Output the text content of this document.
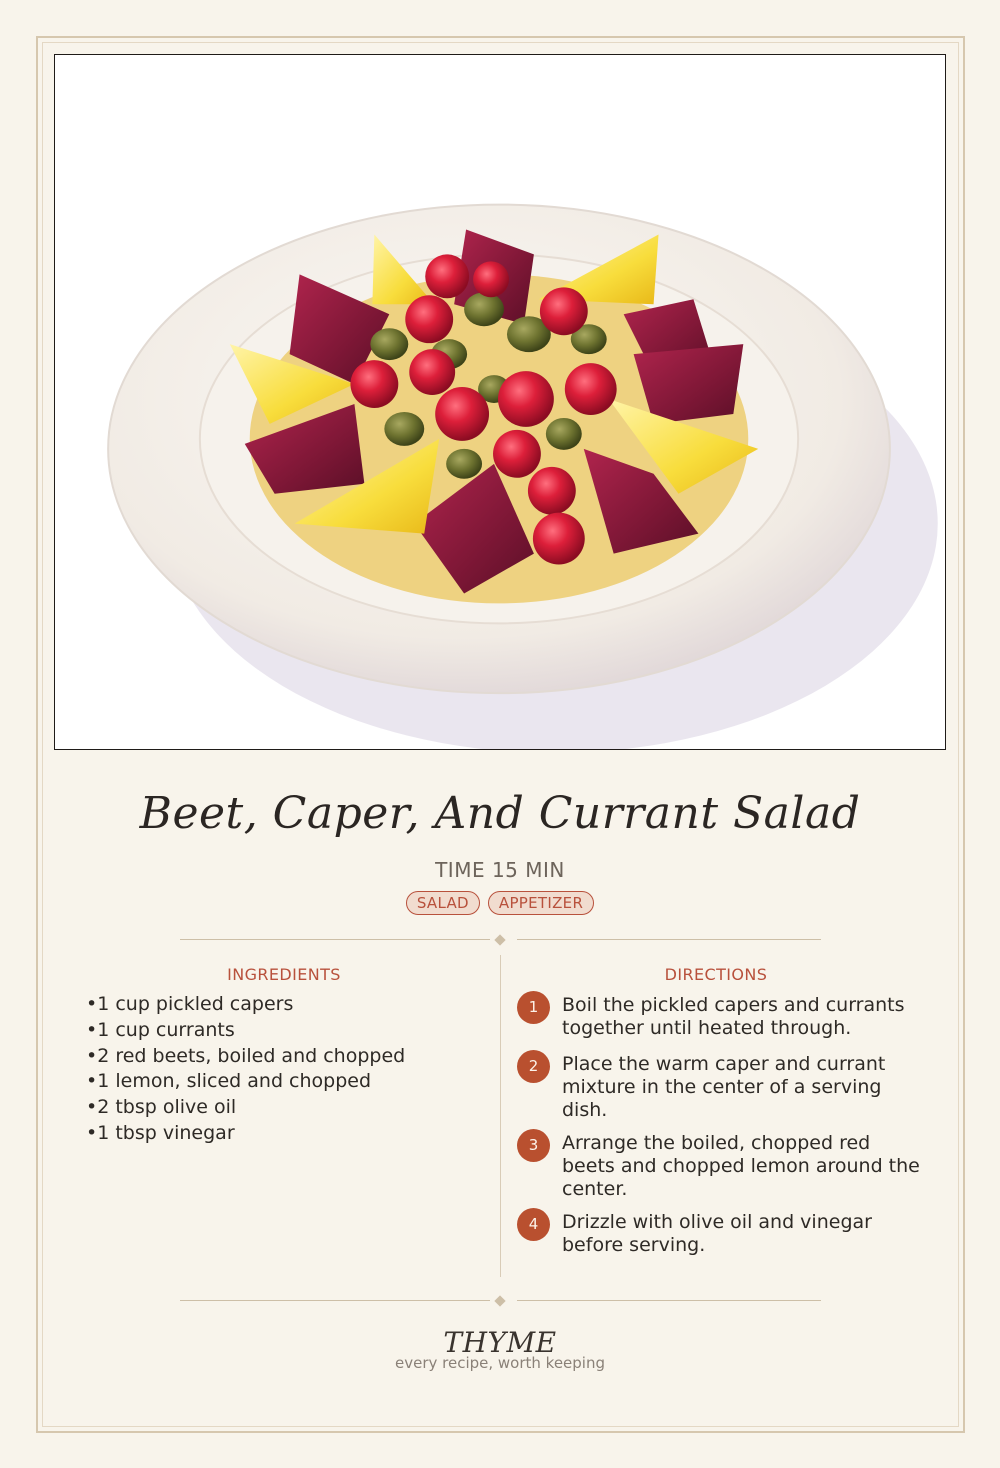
Beet, Caper, And Currant Salad
TIME 15 MIN
SALAD	APPETIZER
INGREDIENTS
• 1 cup pickled capers
• 1 cup currants
• 2 red beets, boiled and chopped
• 1 lemon, sliced and chopped
• 2 tbsp olive oil
• 1 tbsp vinegar
DIRECTIONS
1	Boil the pickled capers and currants together until heated through.
2	Place the warm caper and currant mixture in the center of a serving dish.
3	Arrange the boiled, chopped red beets and chopped lemon around the center.
4	Drizzle with olive oil and vinegar before serving.
THYME
every recipe, worth keeping
